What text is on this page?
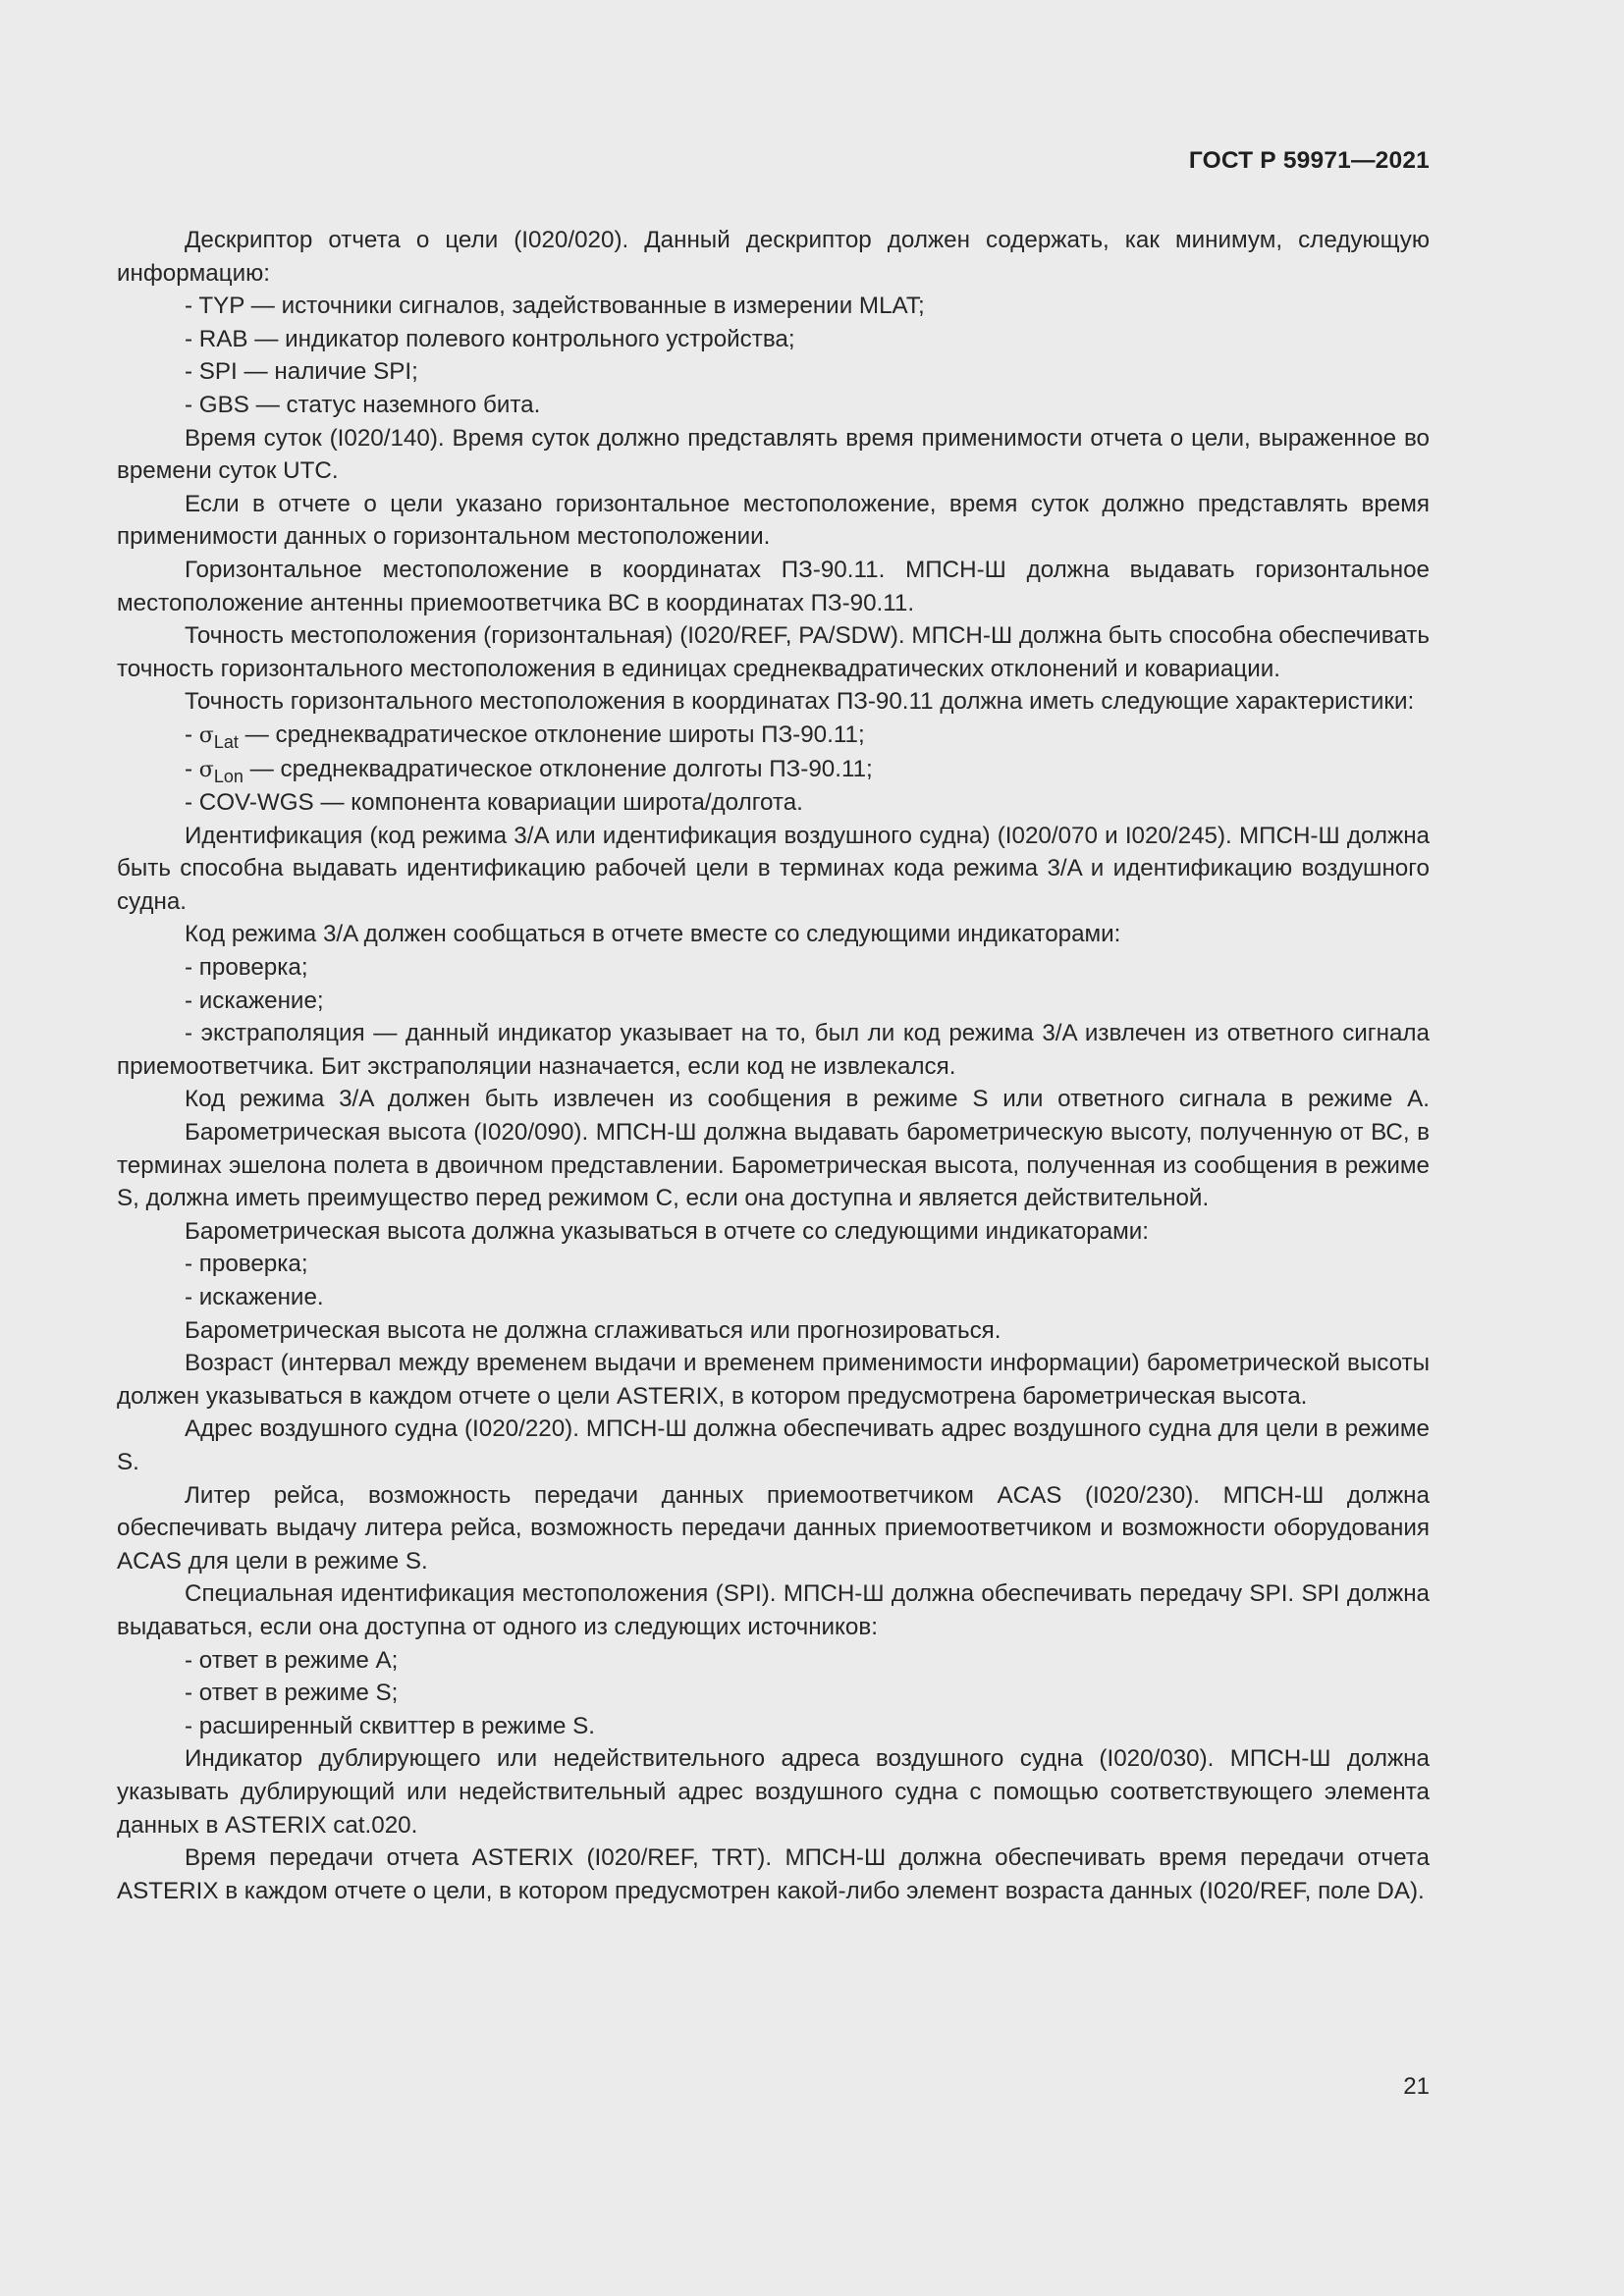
ГОСТ Р 59971—2021

Дескриптор отчета о цели (I020/020). Данный дескриптор должен содержать, как минимум, следующую информацию:

- TYP — источники сигналов, задействованные в измерении MLAT;

- RAB — индикатор полевого контрольного устройства;

- SPI — наличие SPI;

- GBS — статус наземного бита.

Время суток (I020/140). Время суток должно представлять время применимости отчета о цели, выраженное во времени суток UTC.

Если в отчете о цели указано горизонтальное местоположение, время суток должно представлять время применимости данных о горизонтальном местоположении.

Горизонтальное местоположение в координатах ПЗ-90.11. МПСН-Ш должна выдавать горизонтальное местоположение антенны приемоответчика ВС в координатах ПЗ-90.11.

Точность местоположения (горизонтальная) (I020/REF, PA/SDW). МПСН-Ш должна быть способна обеспечивать точность горизонтального местоположения в единицах среднеквадратических отклонений и ковариации.

Точность горизонтального местоположения в координатах ПЗ-90.11 должна иметь следующие характеристики:

- $\sigma_{Lat}$ — среднеквадратическое отклонение широты ПЗ-90.11;

- $\sigma_{Lon}$ — среднеквадратическое отклонение долготы ПЗ-90.11;

- COV-WGS — компонента ковариации широта/долгота.

Идентификация (код режима 3/A или идентификация воздушного судна) (I020/070 и I020/245). МПСН-Ш должна быть способна выдавать идентификацию рабочей цели в терминах кода режима 3/A и идентификацию воздушного судна.

Код режима 3/A должен сообщаться в отчете вместе со следующими индикаторами:

- проверка;

- искажение;

- экстраполяция — данный индикатор указывает на то, был ли код режима 3/A извлечен из ответного сигнала приемоответчика. Бит экстраполяции назначается, если код не извлекался.

Код режима 3/A должен быть извлечен из сообщения в режиме S или ответного сигнала в режиме A.

Барометрическая высота (I020/090). МПСН-Ш должна выдавать барометрическую высоту, полученную от ВС, в терминах эшелона полета в двоичном представлении. Барометрическая высота, полученная из сообщения в режиме S, должна иметь преимущество перед режимом C, если она доступна и является действительной.

Барометрическая высота должна указываться в отчете со следующими индикаторами:

- проверка;

- искажение.

Барометрическая высота не должна сглаживаться или прогнозироваться.

Возраст (интервал между временем выдачи и временем применимости информации) барометрической высоты должен указываться в каждом отчете о цели ASTERIX, в котором предусмотрена барометрическая высота.

Адрес воздушного судна (I020/220). МПСН-Ш должна обеспечивать адрес воздушного судна для цели в режиме S.

Литер рейса, возможность передачи данных приемоответчиком ACAS (I020/230). МПСН-Ш должна обеспечивать выдачу литера рейса, возможность передачи данных приемоответчиком и возможности оборудования ACAS для цели в режиме S.

Специальная идентификация местоположения (SPI). МПСН-Ш должна обеспечивать передачу SPI. SPI должна выдаваться, если она доступна от одного из следующих источников:

- ответ в режиме A;

- ответ в режиме S;

- расширенный сквиттер в режиме S.

Индикатор дублирующего или недействительного адреса воздушного судна (I020/030). МПСН-Ш должна указывать дублирующий или недействительный адрес воздушного судна с помощью соответствующего элемента данных в ASTERIX cat.020.

Время передачи отчета ASTERIX (I020/REF, TRT). МПСН-Ш должна обеспечивать время передачи отчета ASTERIX в каждом отчете о цели, в котором предусмотрен какой-либо элемент возраста данных (I020/REF, поле DA).

21
